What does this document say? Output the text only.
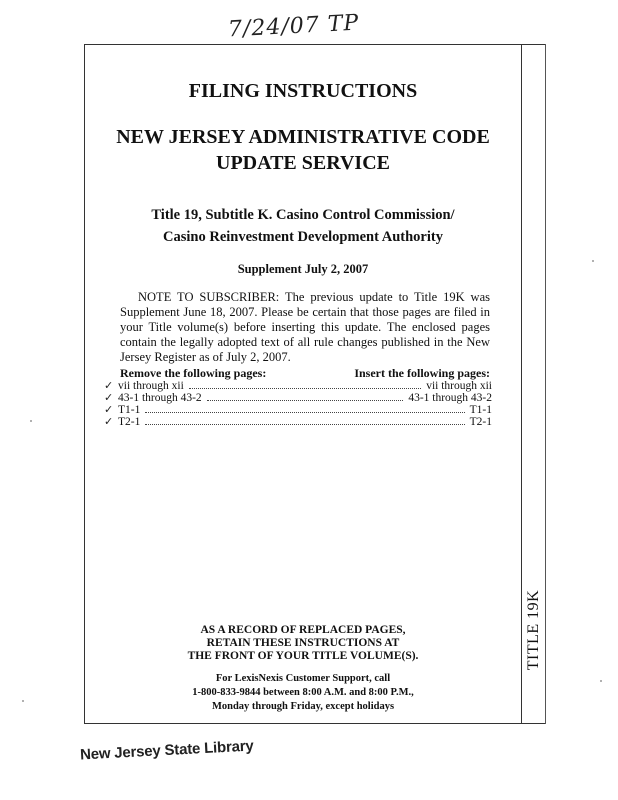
7/24/07 TP
TITLE 19K
FILING INSTRUCTIONS
NEW JERSEY ADMINISTRATIVE CODE
UPDATE SERVICE
Title 19, Subtitle K. Casino Control Commission/
Casino Reinvestment Development Authority
Supplement July 2, 2007
NOTE TO SUBSCRIBER: The previous update to Title 19K was Supplement June 18, 2007. Please be certain that those pages are filed in your Title volume(s) before inserting this update. The enclosed pages contain the legally adopted text of all rule changes published in the New Jersey Register as of July 2, 2007.
Remove the following pages:	Insert the following pages:
✓ vii through xii	vii through xii
✓ 43-1 through 43-2	43-1 through 43-2
✓ T1-1	T1-1
✓ T2-1	T2-1
AS A RECORD OF REPLACED PAGES,
RETAIN THESE INSTRUCTIONS AT
THE FRONT OF YOUR TITLE VOLUME(S).
For LexisNexis Customer Support, call
1-800-833-9844 between 8:00 A.M. and 8:00 P.M.,
Monday through Friday, except holidays
New Jersey State Library
